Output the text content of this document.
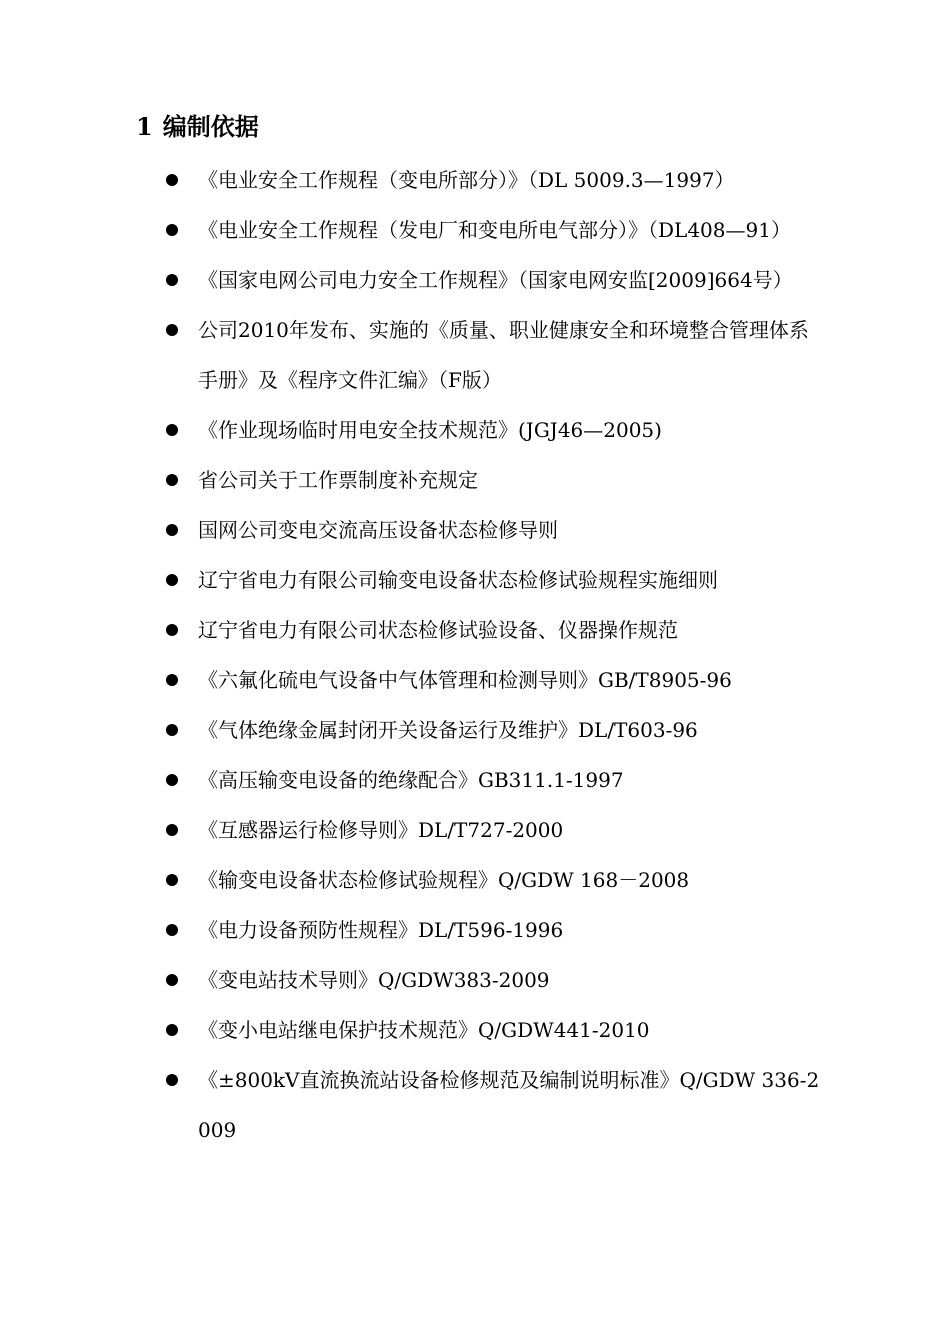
1 编制依据
《电业安全工作规程（变电所部分）》（DL 5009.3—1997）
《电业安全工作规程（发电厂和变电所电气部分）》（DL408—91）
《国家电网公司电力安全工作规程》（国家电网安监[2009]664号）
公司2010年发布、实施的《质量、职业健康安全和环境整合管理体系手册》及《程序文件汇编》（F版）
《作业现场临时用电安全技术规范》(JGJ46—2005)
省公司关于工作票制度补充规定
国网公司变电交流高压设备状态检修导则
辽宁省电力有限公司输变电设备状态检修试验规程实施细则
辽宁省电力有限公司状态检修试验设备、仪器操作规范
《六氟化硫电气设备中气体管理和检测导则》GB/T8905-96
《气体绝缘金属封闭开关设备运行及维护》DL/T603-96
《高压输变电设备的绝缘配合》GB311.1-1997
《互感器运行检修导则》DL/T727-2000
《输变电设备状态检修试验规程》Q/GDW 168－2008
《电力设备预防性规程》DL/T596-1996
《变电站技术导则》Q/GDW383-2009
《变小电站继电保护技术规范》Q/GDW441-2010
《±800kV直流换流站设备检修规范及编制说明标准》Q/GDW 336-2009
